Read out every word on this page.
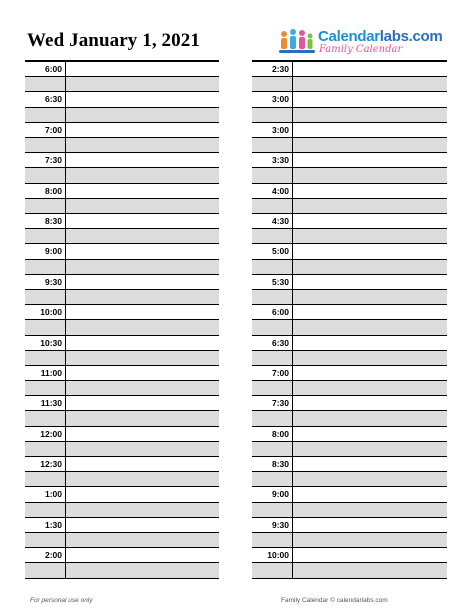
Wed January 1, 2021	Calendarlabs.com
Family Calendar
6:00
6:30
7:00
7:30
8:00
8:30
9:00
9:30
10:00
10:30
11:00
11:30
12:00
12:30
1:00
1:30
2:00
2:30
3:00
3:00
3:30
4:00
4:30
5:00
5:30
6:00
6:30
7:00
7:30
8:00
8:30
9:00
9:30
10:00
For personal use only	Family Calendar © calendarlabs.com
